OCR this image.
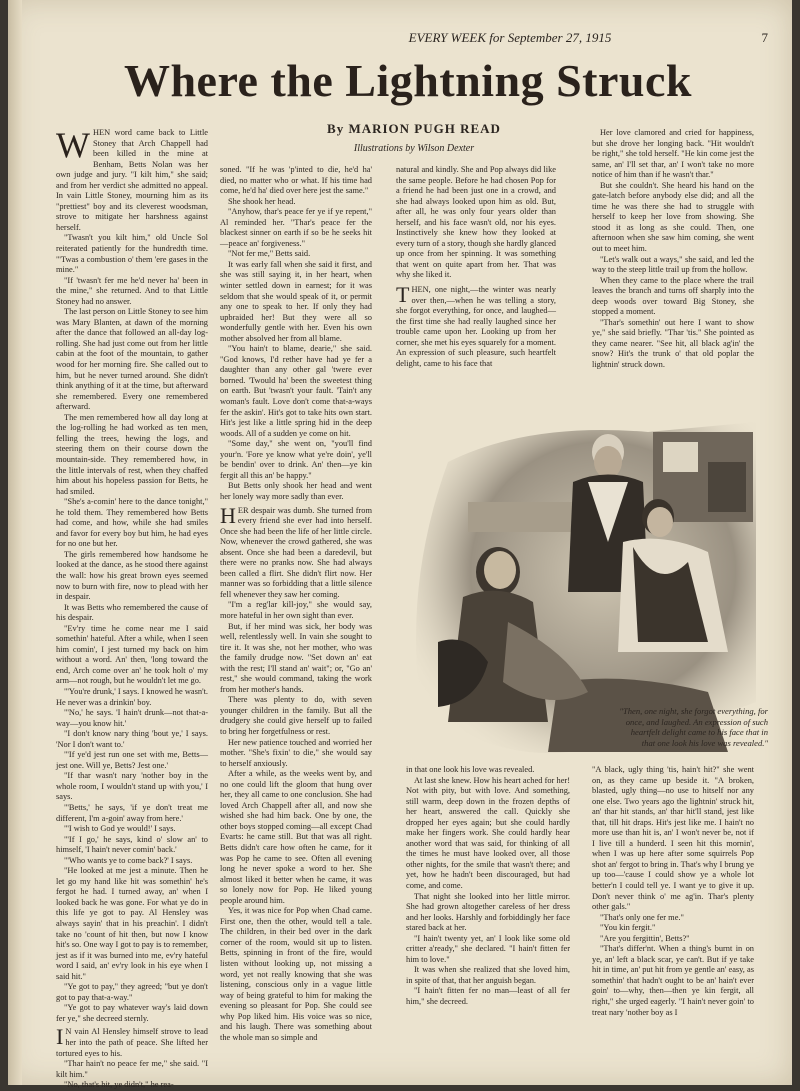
EVERY WEEK for September 27, 1915	7
Where the Lightning Struck
By MARION PUGH READ
Illustrations by Wilson Dexter

WHEN word came back to Little Stoney that Arch Chappell had been killed in the mine at Benham, Betts Nolan was her own judge and jury. "I kilt him," she said; and from her verdict she admitted no appeal. In vain Little Stoney, mourning him as its "prettiest" boy and its cleverest woodsman, strove to mitigate her harshness against herself.

"Twasn't you kilt him," old Uncle Sol reiterated patiently for the hundredth time. "'Twas a combustion o' them 'ere gases in the mine."

"If 'twasn't fer me he'd never ha' been in the mine," she returned. And to that Little Stoney had no answer.

The last person on Little Stoney to see him was Mary Blanten, at dawn of the morning after the dance that followed an all-day log-rolling. She had just come out from her little cabin at the foot of the mountain, to gather wood for her morning fire. She called out to him, but he never turned around. She didn't think anything of it at the time, but afterward she remembered. Every one remembered afterward.

The men remembered how all day long at the log-rolling he had worked as ten men, felling the trees, hewing the logs, and steering them on their course down the mountain-side. They remembered how, in the little intervals of rest, when they chaffed him about his hopeless passion for Betts, he had smiled.

"She's a-comin' here to the dance tonight," he told them. They remembered how Betts had come, and how, while she had smiles and favor for every boy but him, he had eyes for no one but her.

The girls remembered how handsome he looked at the dance, as he stood there against the wall: how his great brown eyes seemed now to burn with fire, now to plead with her in despair.

It was Betts who remembered the cause of his despair.

"Ev'ry time he come near me I said somethin' hateful. After a while, when I seen him comin', I jest turned my back on him without a word. An' then, 'long toward the end, Arch come over an' he took holt o' my arm—not rough, but he wouldn't let me go.

"'You're drunk,' I says. I knowed he wasn't. He never was a drinkin' boy.

"'No,' he says. 'I hain't drunk—not that-a-way—you know hit.'

"I don't know nary thing 'bout ye,' I says. 'Nor I don't want to.'

"'If ye'd jest run one set with me, Betts—jest one. Will ye, Betts? Jest one.'

"If thar wasn't nary 'nother boy in the whole room, I wouldn't stand up with you,' I says.

"'Betts,' he says, 'if ye don't treat me different, I'm a-goin' away from here.'

"'I wish to God ye would!' I says.

"'If I go,' he says, kind o' slow an' to himself, 'I hain't never comin' back.'

"'Who wants ye to come back?' I says.

"He looked at me jest a minute. Then he let go my hand like hit was somethin' he's fergot he had. I turned away, an' when I looked back he was gone. For what ye do in this life ye got to pay. Al Hensley was always sayin' that in his preachin'. I didn't take no 'count of hit then, but now I know hit's so. One way I got to pay is to remember, jest as if it was burned into me, ev'ry hateful word I said, an' ev'ry look in his eye when I said hit."

"Ye got to pay," they agreed; "but ye don't got to pay that-a-way."

"Ye got to pay whatever way's laid down fer ye," she decreed sternly.

I N vain Al Hensley himself strove to lead her into the path of peace. She lifted her tortured eyes to his.

"Thar hain't no peace fer me," she said. "I kilt him."

"No, that's hit, ye didn't," he rea-

soned. "If he was 'p'inted to die, he'd ha' died, no matter who or what. If his time had come, he'd ha' died over here jest the same."

She shook her head.

"Anyhow, thar's peace fer ye if ye repent," Al reminded her. "Thar's peace fer the blackest sinner on earth if so be he seeks hit—peace an' forgiveness."

"Not fer me," Betts said.

It was early fall when she said it first, and she was still saying it, in her heart, when winter settled down in earnest; for it was seldom that she would speak of it, or permit any one to speak to her. If only they had upbraided her! But they were all so wonderfully gentle with her. Even his own mother absolved her from all blame.

"You hain't to blame, dearie," she said. "God knows, I'd rether have had ye fer a daughter than any other gal 'twere ever borned. 'Twould ha' been the sweetest thing on earth. But 'twasn't your fault. 'Tain't any woman's fault. Love don't come that-a-ways fer the askin'. Hit's got to take hits own start. Hit's jest like a little spring hid in the deep woods. All of a sudden ye come on hit.

"Some day," she went on, "you'll find your'n. 'Fore ye know what ye're doin', ye'll be bendin' over to drink. An' then—ye kin fergit all this an' be happy."

But Betts only shook her head and went her lonely way more sadly than ever.

HER despair was dumb. She turned from every friend she ever had into herself. Once she had been the life of her little circle. Now, whenever the crowd gathered, she was absent. Once she had been a daredevil, but there were no pranks now. She had always been called a flirt. She didn't flirt now. Her manner was so forbidding that a little silence fell whenever they saw her coming.

"I'm a reg'lar kill-joy," she would say, more hateful in her own sight than ever.

But, if her mind was sick, her body was well, relentlessly well. In vain she sought to tire it. It was she, not her mother, who was the family drudge now. "Set down an' eat with the rest; I'll stand an' wait"; or, "Go an' rest," she would command, taking the work from her mother's hands.

There was plenty to do, with seven younger children in the family. But all the drudgery she could give herself up to failed to bring her forgetfulness or rest.

Her new patience touched and worried her mother. "She's fixin' to die," she would say to herself anxiously.

After a while, as the weeks went by, and no one could lift the gloom that hung over her, they all came to one conclusion. She had loved Arch Chappell after all, and now she wished she had him back. One by one, the other boys stopped coming—all except Chad Evarts: he came still. But that was all right. Betts didn't care how often he came, for it was Pop he came to see. Often all evening long he never spoke a word to her. She almost liked it better when he came, it was so lonely now for Pop. He liked young people around him.

Yes, it was nice for Pop when Chad came. First one, then the other, would tell a tale. The children, in their bed over in the dark corner of the room, would sit up to listen. Betts, spinning in front of the fire, would listen without looking up, not missing a word, yet not really knowing that she was listening, conscious only in a vague little way of being grateful to him for making the evening so pleasant for Pop. She could see why Pop liked him. His voice was so nice, and his laugh. There was something about the whole man so simple and

natural and kindly. She and Pop always did like the same people. Before he had chosen Pop for a friend he had been just one in a crowd, and she had always looked upon him as old. But, after all, he was only four years older than herself, and his face wasn't old, nor his eyes. Instinctively she knew how they looked at every turn of a story, though she hardly glanced up once from her spinning. It was something that went on quite apart from her. That was why she liked it.

THEN, one night,—the winter was nearly over then,—when he was telling a story, she forgot everything, for once, and laughed—the first time she had really laughed since her trouble came upon her. Looking up from her corner, she met his eyes squarely for a moment. An expression of such pleasure, such heartfelt delight, came to his face that

Her love clamored and cried for happiness, but she drove her longing back. "Hit wouldn't be right," she told herself. "He kin come jest the same, an' I'll set thar, an' I won't take no more notice of him than if he wasn't thar."

But she couldn't. She heard his hand on the gate-latch before anybody else did; and all the time he was there she had to struggle with herself to keep her love from showing. She stood it as long as she could. Then, one afternoon when she saw him coming, she went out to meet him.

"Let's walk out a ways," she said, and led the way to the steep little trail up from the hollow.

When they came to the place where the trail leaves the branch and turns off sharply into the deep woods over toward Big Stoney, she stopped a moment.

"Thar's somethin' out here I want to show ye," she said briefly. "Thar 'tis." She pointed as they came nearer. "See hit, all black ag'in' the snow? Hit's the trunk o' that old poplar the lightnin' struck down.

"Then, one night, she forgot everything, for once, and laughed. An expression of such heartfelt delight came to his face that in that one look his love was revealed."

in that one look his love was revealed.

At last she knew. How his heart ached for her! Not with pity, but with love. And something, still warm, deep down in the frozen depths of her heart, answered the call. Quickly she dropped her eyes again; but she could hardly make her fingers work. She could hardly hear another word that was said, for thinking of all the times he must have looked over, all those other nights, for the smile that wasn't there; and yet, how he hadn't been discouraged, but had come, and come.

That night she looked into her little mirror. She had grown altogether careless of her dress and her looks. Harshly and forbiddingly her face stared back at her.

"I hain't twenty yet, an' I look like some old critter a'ready," she declared. "I hain't fitten fer him to love."

It was when she realized that she loved him, in spite of that, that her anguish began.

"I hain't fitten fer no man—least of all fer him," she decreed.

"A black, ugly thing 'tis, hain't hit?" she went on, as they came up beside it. "A broken, blasted, ugly thing—no use to hitself nor any one else. Two years ago the lightnin' struck hit, an' thar hit stands, an' thar hit'll stand, jest like that, till hit draps. Hit's jest like me. I hain't no more use than hit is, an' I won't never be, not if I live till a hunderd. I seen hit this mornin', when I was up here after some squirrels Pop shot an' fergot to bring in. That's why I brung ye up too—'cause I could show ye a whole lot better'n I could tell ye. I want ye to give it up. Don't never think o' me ag'in. Thar's plenty other gals."

"That's only one fer me."

"You kin fergit."

"Are you fergittin', Betts?"

"That's differ'nt. When a thing's burnt in on ye, an' left a black scar, ye can't. But if ye take hit in time, an' put hit from ye gentle an' easy, as somethin' that hadn't ought to be an' hain't ever goin' to—why, then—then ye kin fergit, all right," she urged eagerly. "I hain't never goin' to treat nary 'nother boy as I
